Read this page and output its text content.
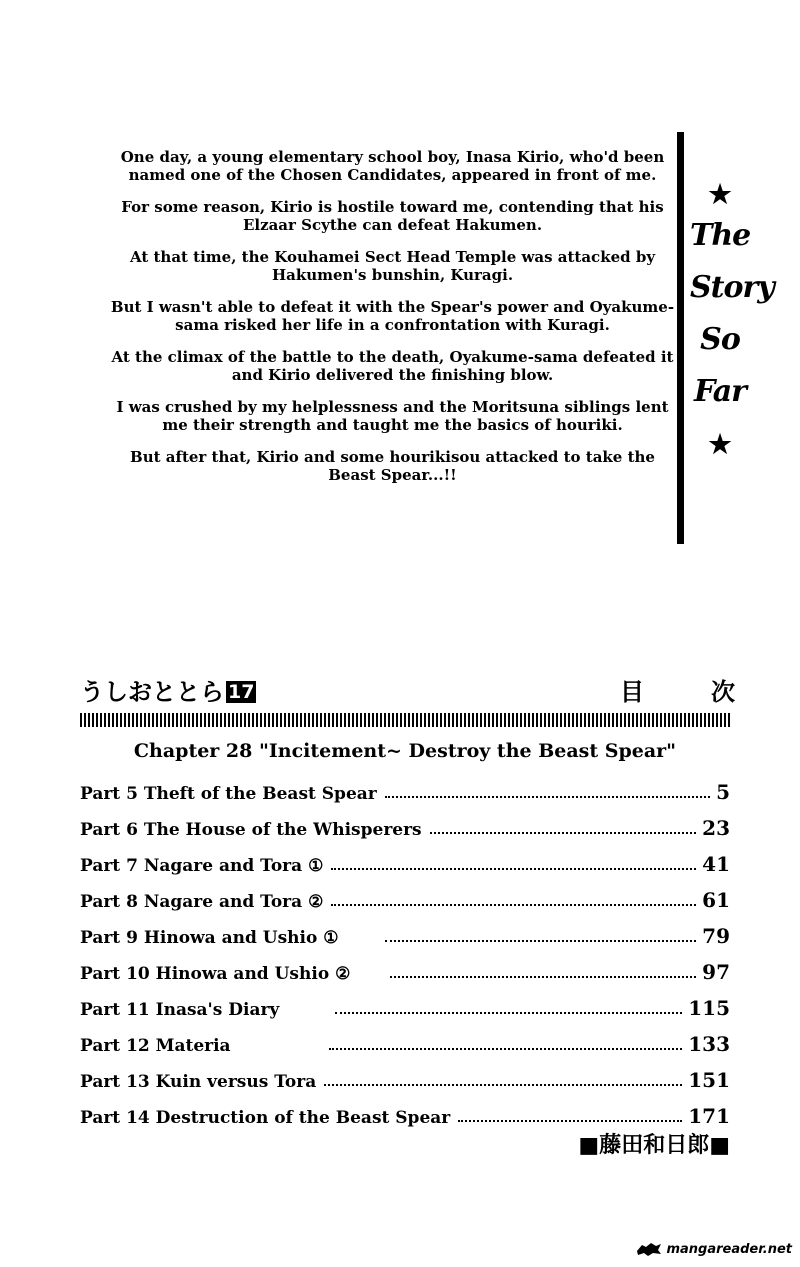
One day, a young elementary school boy, Inasa Kirio, who'd been named one of the Chosen Candidates, appeared in front of me.

For some reason, Kirio is hostile toward me, contending that his Elzaar Scythe can defeat Hakumen.

At that time, the Kouhamei Sect Head Temple was attacked by Hakumen's bunshin, Kuragi.

But I wasn't able to defeat it with the Spear's power and Oyakume-sama risked her life in a confrontation with Kuragi.

At the climax of the battle to the death, Oyakume-sama defeated it and Kirio delivered the finishing blow.

I was crushed by my helplessness and the Moritsuna siblings lent me their strength and taught me the basics of houriki.

But after that, Kirio and some hourikisou attacked to take the Beast Spear...!!

★
The
Story
So
Far
★
うしおととら 17	目	次
Chapter 28 "Incitement~ Destroy the Beast Spear"
Part 5 Theft of the Beast Spear	5
Part 6 The House of the Whisperers	23
Part 7 Nagare and Tora ①	41
Part 8 Nagare and Tora ②	61
Part 9 Hinowa and Ushio ①	79
Part 10 Hinowa and Ushio ②	97
Part 11 Inasa's Diary	115
Part 12 Materia	133
Part 13 Kuin versus Tora	151
Part 14 Destruction of the Beast Spear	171
■藤田和日郎■
mangareader.net
